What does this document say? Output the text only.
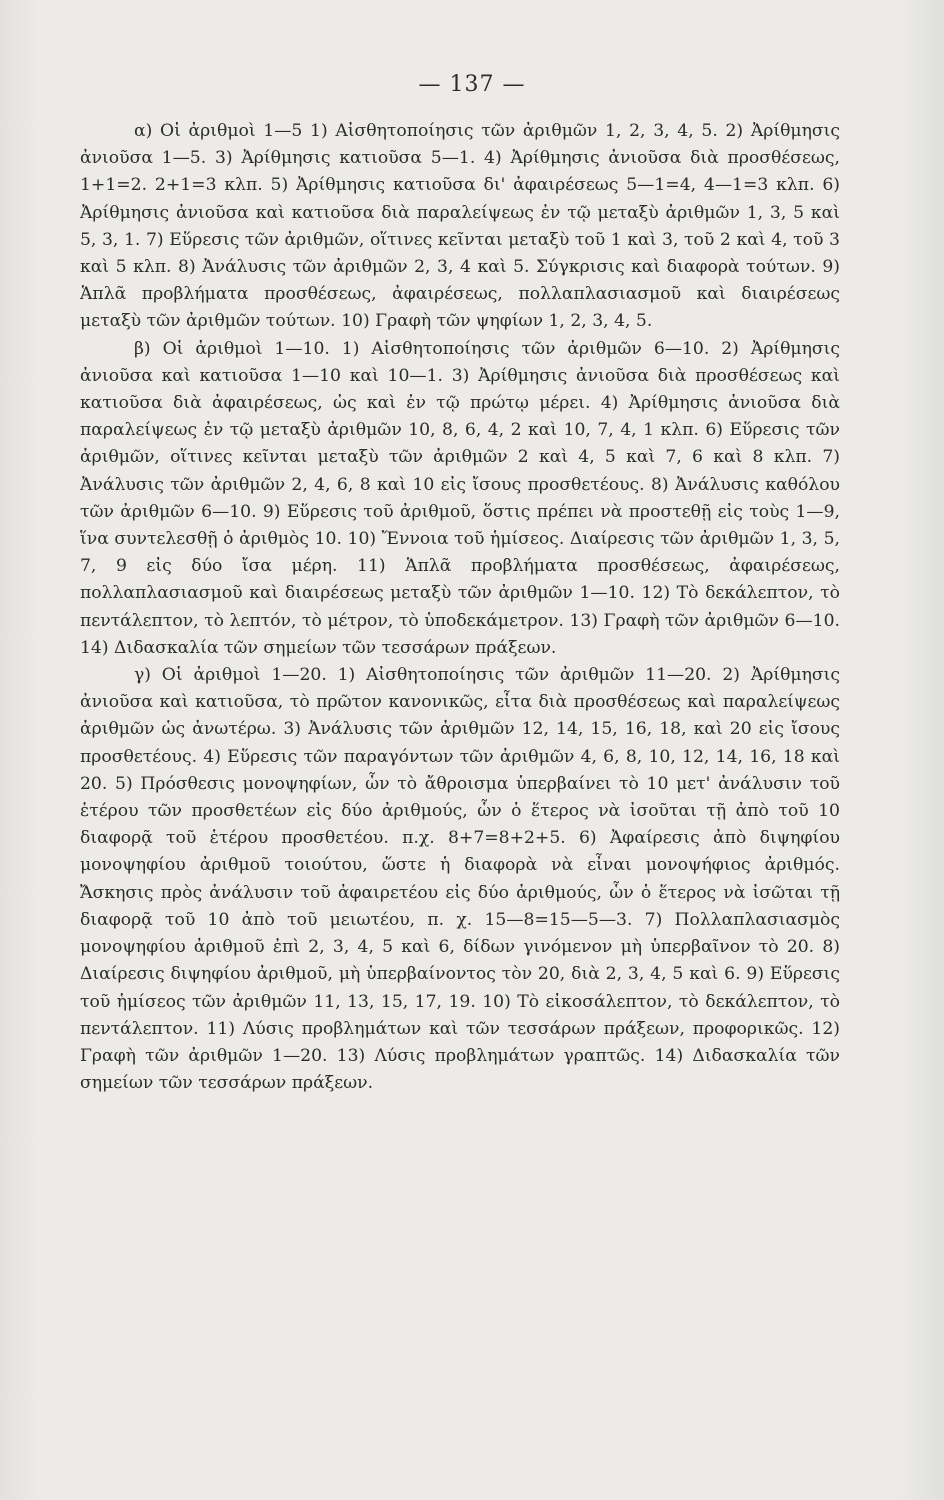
— 137 —

α) Οἱ ἀριθμοὶ 1—5 1) Αἰσθητοποίησις τῶν ἀριθμῶν 1, 2, 3, 4, 5. 2) Ἀρίθμησις ἀνιοῦσα 1—5. 3) Ἀρίθμησις κατιοῦσα 5—1. 4) Ἀρίθμησις ἀνιοῦσα διὰ προσθέσεως, 1+1=2. 2+1=3 κλπ. 5) Ἀρίθμησις κατιοῦσα δι' ἀφαιρέσεως 5—1=4, 4—1=3 κλπ. 6) Ἀρίθμησις ἀνιοῦσα καὶ κατιοῦσα διὰ παραλείψεως ἐν τῷ μεταξὺ ἀριθμῶν 1, 3, 5 καὶ 5, 3, 1. 7) Εὕρεσις τῶν ἀριθμῶν, οἵτινες κεῖνται μεταξὺ τοῦ 1 καὶ 3, τοῦ 2 καὶ 4, τοῦ 3 καὶ 5 κλπ. 8) Ἀνάλυσις τῶν ἀριθμῶν 2, 3, 4 καὶ 5. Σύγκρισις καὶ διαφορὰ τούτων. 9) Ἁπλᾶ προβλήματα προσθέσεως, ἀφαιρέσεως, πολλαπλασιασμοῦ καὶ διαιρέσεως μεταξὺ τῶν ἀριθμῶν τούτων. 10) Γραφὴ τῶν ψηφίων 1, 2, 3, 4, 5.

β) Οἱ ἀριθμοὶ 1—10. 1) Αἰσθητοποίησις τῶν ἀριθμῶν 6—10. 2) Ἀρίθμησις ἀνιοῦσα καὶ κατιοῦσα 1—10 καὶ 10—1. 3) Ἀρίθμησις ἀνιοῦσα διὰ προσθέσεως καὶ κατιοῦσα διὰ ἀφαιρέσεως, ὡς καὶ ἐν τῷ πρώτῳ μέρει. 4) Ἀρίθμησις ἀνιοῦσα διὰ παραλείψεως ἐν τῷ μεταξὺ ἀριθμῶν 10, 8, 6, 4, 2 καὶ 10, 7, 4, 1 κλπ. 6) Εὕρεσις τῶν ἀριθμῶν, οἵτινες κεῖνται μεταξὺ τῶν ἀριθμῶν 2 καὶ 4, 5 καὶ 7, 6 καὶ 8 κλπ. 7) Ἀνάλυσις τῶν ἀριθμῶν 2, 4, 6, 8 καὶ 10 εἰς ἴσους προσθετέους. 8) Ἀνάλυσις καθόλου τῶν ἀριθμῶν 6—10. 9) Εὕρεσις τοῦ ἀριθμοῦ, ὅστις πρέπει νὰ προστεθῇ εἰς τοὺς 1—9, ἵνα συντελεσθῇ ὁ ἀριθμὸς 10. 10) Ἔννοια τοῦ ἡμίσεος. Διαίρεσις τῶν ἀριθμῶν 1, 3, 5, 7, 9 εἰς δύο ἴσα μέρη. 11) Ἁπλᾶ προβλήματα προσθέσεως, ἀφαιρέσεως, πολλαπλασιασμοῦ καὶ διαιρέσεως μεταξὺ τῶν ἀριθμῶν 1—10. 12) Τὸ δεκάλεπτον, τὸ πεντάλεπτον, τὸ λεπτόν, τὸ μέτρον, τὸ ὑποδεκάμετρον. 13) Γραφὴ τῶν ἀριθμῶν 6—10. 14) Διδασκαλία τῶν σημείων τῶν τεσσάρων πράξεων.

γ) Οἱ ἀριθμοὶ 1—20. 1) Αἰσθητοποίησις τῶν ἀριθμῶν 11—20. 2) Ἀρίθμησις ἀνιοῦσα καὶ κατιοῦσα, τὸ πρῶτον κανονικῶς, εἶτα διὰ προσθέσεως καὶ παραλείψεως ἀριθμῶν ὡς ἀνωτέρω. 3) Ἀνάλυσις τῶν ἀριθμῶν 12, 14, 15, 16, 18, καὶ 20 εἰς ἴσους προσθετέους. 4) Εὕρεσις τῶν παραγόντων τῶν ἀριθμῶν 4, 6, 8, 10, 12, 14, 16, 18 καὶ 20. 5) Πρόσθεσις μονοψηφίων, ὧν τὸ ἄθροισμα ὑπερβαίνει τὸ 10 μετ' ἀνάλυσιν τοῦ ἑτέρου τῶν προσθετέων εἰς δύο ἀριθμούς, ὧν ὁ ἕτερος νὰ ἰσοῦται τῇ ἀπὸ τοῦ 10 διαφορᾷ τοῦ ἑτέρου προσθετέου. π.χ. 8+7=8+2+5. 6) Ἀφαίρεσις ἀπὸ διψηφίου μονοψηφίου ἀριθμοῦ τοιούτου, ὥστε ἡ διαφορὰ νὰ εἶναι μονοψήφιος ἀριθμός. Ἄσκησις πρὸς ἀνάλυσιν τοῦ ἀφαιρετέου εἰς δύο ἀριθμούς, ὧν ὁ ἕτερος νὰ ἰσῶται τῇ διαφορᾷ τοῦ 10 ἀπὸ τοῦ μειωτέου, π. χ. 15—8=15—5—3. 7) Πολλαπλασιασμὸς μονοψηφίου ἀριθμοῦ ἐπὶ 2, 3, 4, 5 καὶ 6, δίδων γινόμενον μὴ ὑπερβαῖνον τὸ 20. 8) Διαίρεσις διψηφίου ἀριθμοῦ, μὴ ὑπερβαίνοντος τὸν 20, διὰ 2, 3, 4, 5 καὶ 6. 9) Εὕρεσις τοῦ ἡμίσεος τῶν ἀριθμῶν 11, 13, 15, 17, 19. 10) Τὸ εἰκοσάλεπτον, τὸ δεκάλεπτον, τὸ πεντάλεπτον. 11) Λύσις προβλημάτων καὶ τῶν τεσσάρων πράξεων, προφορικῶς. 12) Γραφὴ τῶν ἀριθμῶν 1—20. 13) Λύσις προβλημάτων γραπτῶς. 14) Διδασκαλία τῶν σημείων τῶν τεσσάρων πράξεων.
